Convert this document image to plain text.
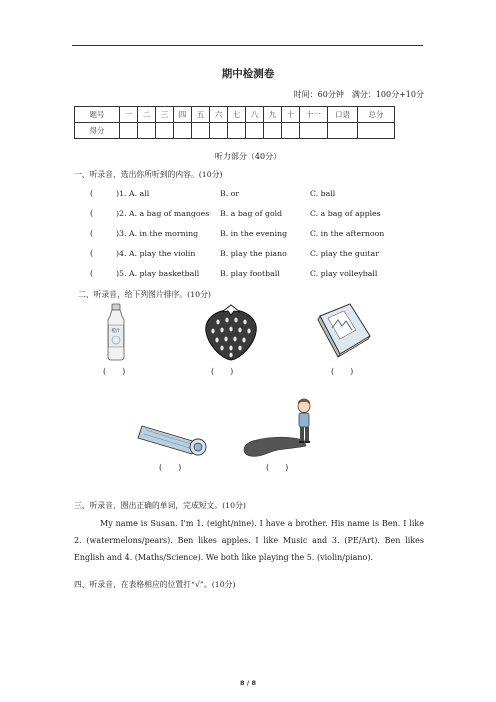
期中检测卷
时间：60分钟　满分：100分+10分
题号	一	二	三	四	五	六	七	八	九	十	十一	口语	总分
得分													
听力部分（40分）
一、听录音，选出你所听到的内容。(10分)
(	)1. A. all	B. or	C. ball
(	)2. A. a bag of mangoes B. a bag of gold	C. a bag of apples
(	)3. A. in the morning	B. in the evening	C. in the afternoon
(	)4. A. play the violin	B. play the piano	C. play the guitar
(	)5. A. play basketball	B. play football	C. play volleyball
二、听录音，给下列图片排序。(10分)
橙汁
(　　)	(　　)	(　　)
(　　)	(　　)
三、听录音，圈出正确的单词，完成短文。(10分)
My name is Susan. I'm 1. (eight/nine). I have a brother. His name is Ben. I like 2. (watermelons/pears). Ben likes apples. I like Music and 3. (PE/Art). Ben likes English and 4. (Maths/Science). We both like playing the 5. (violin/piano).
四、听录音，在表格相应的位置打“√”。(10分)
8 / 8
